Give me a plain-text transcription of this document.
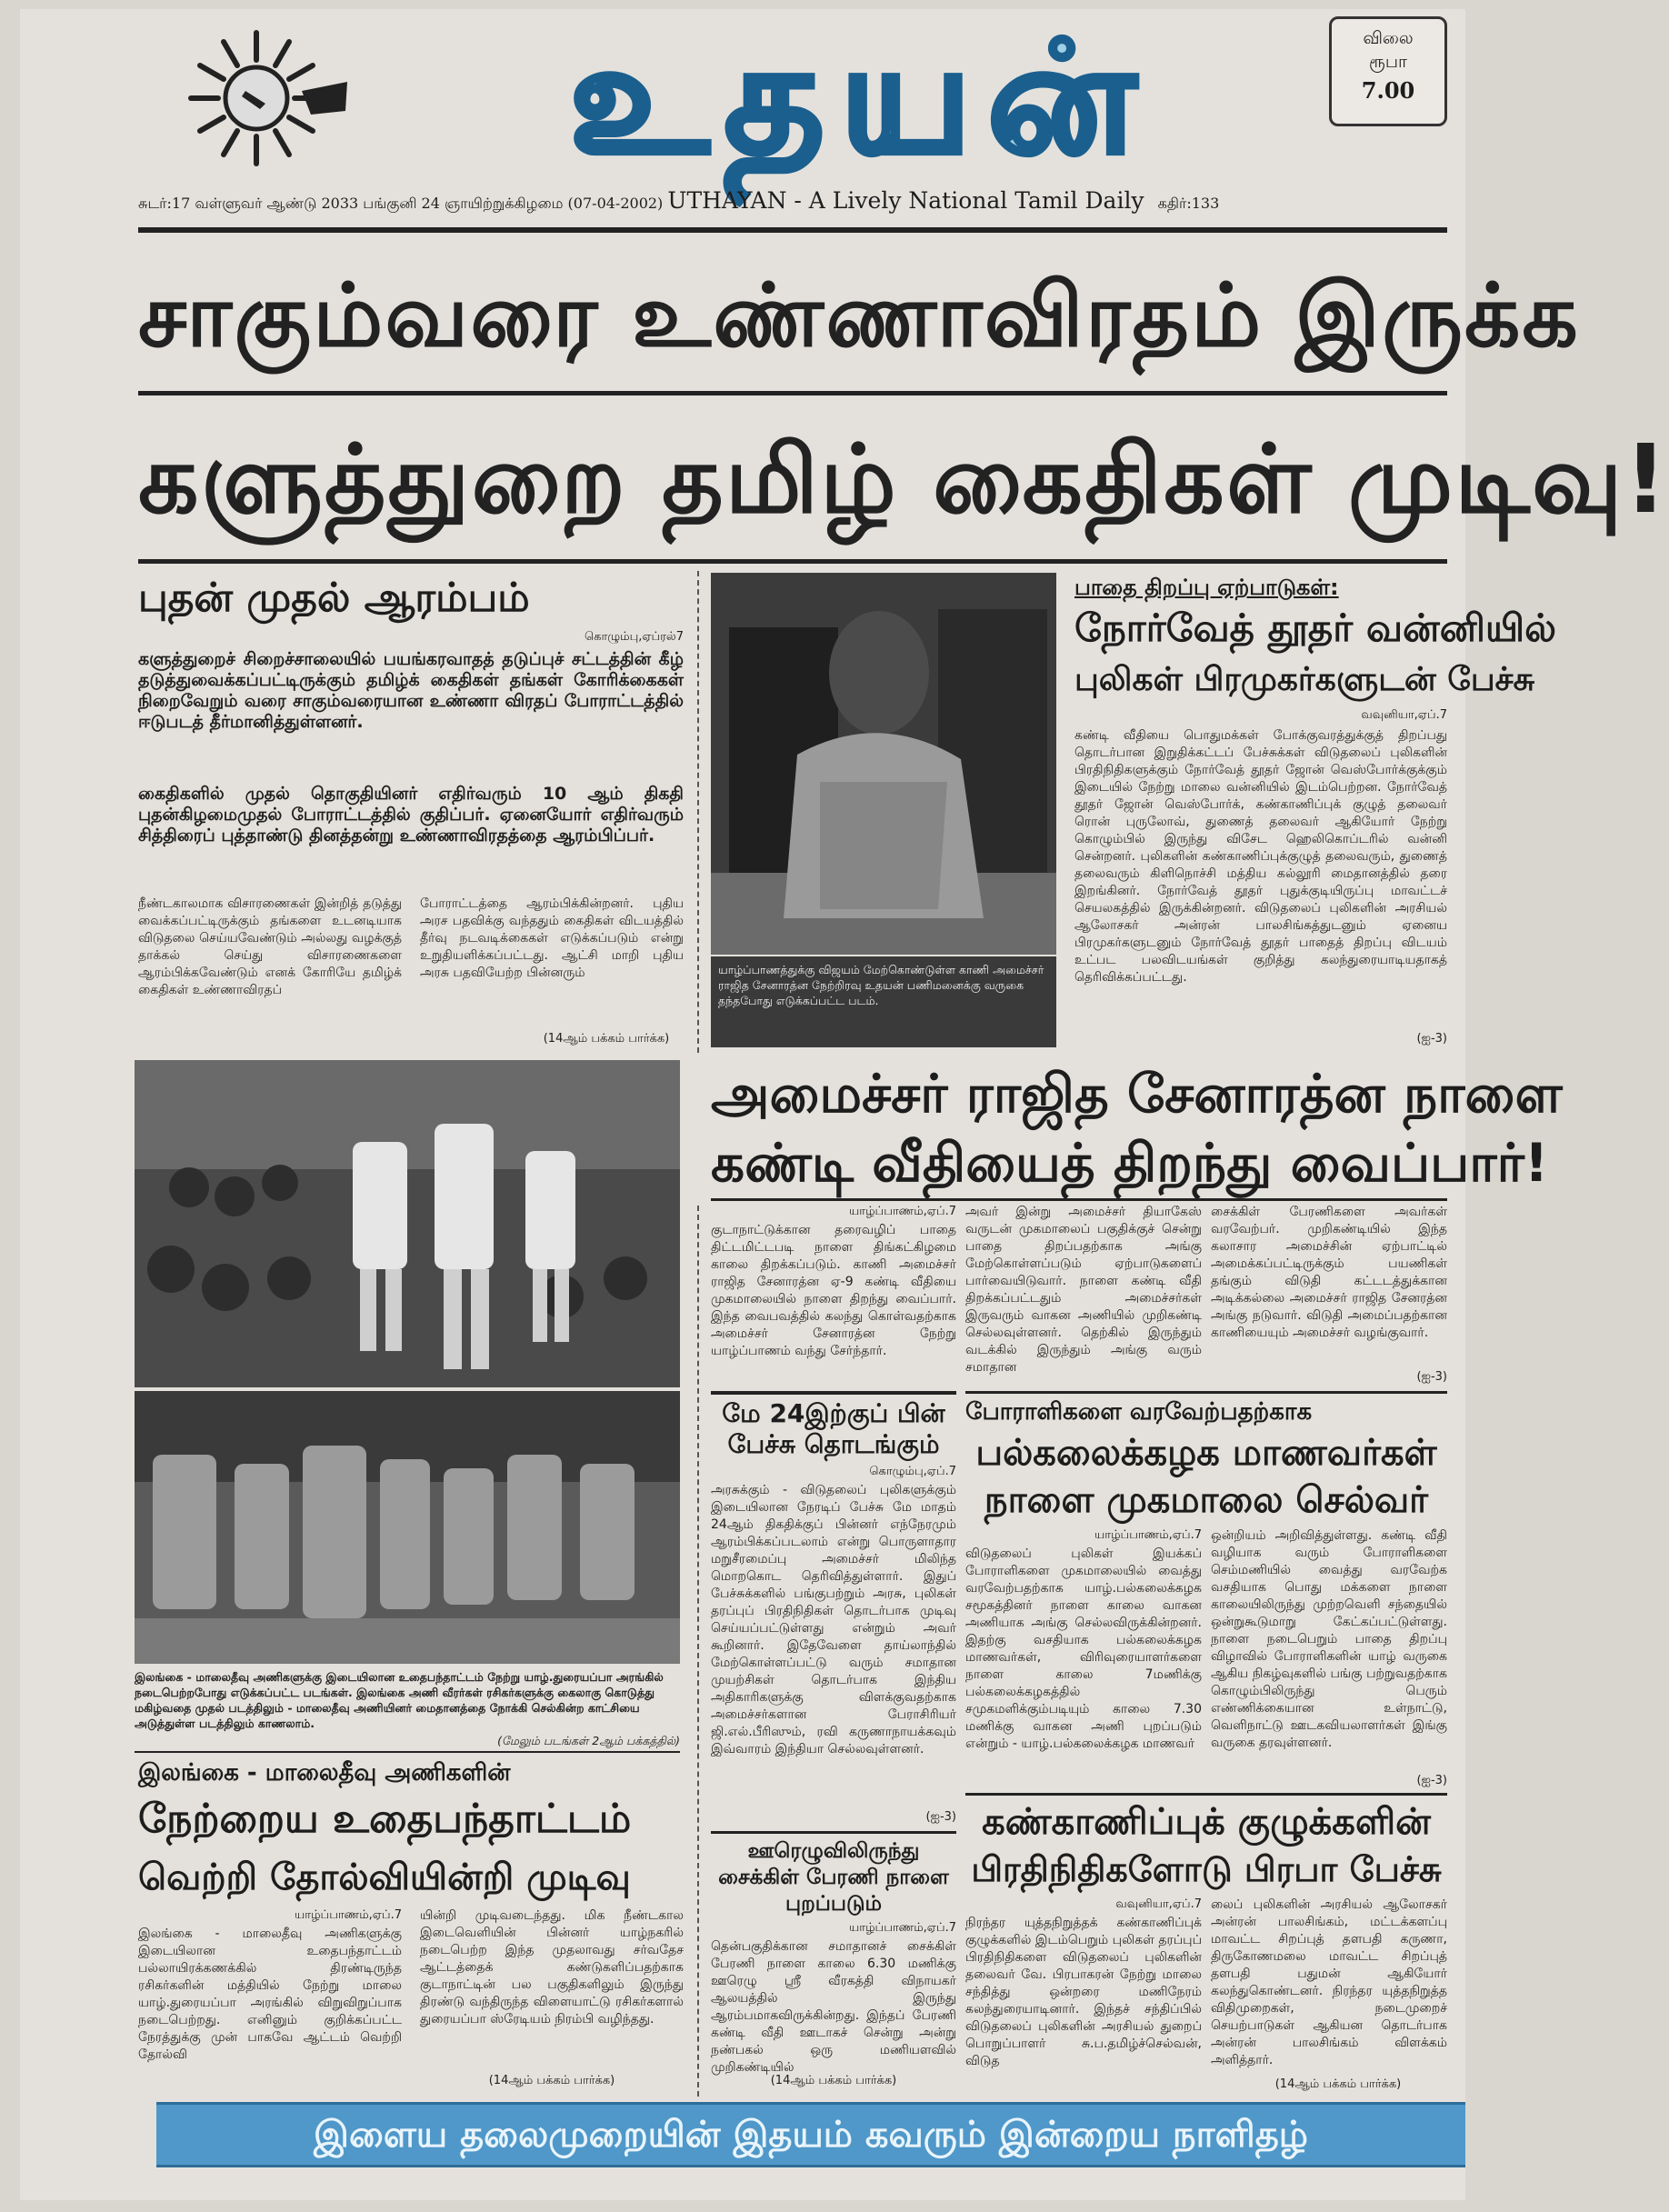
உதயன்	விலை
ரூபா
7.00
சுடர்:17 வள்ளுவர் ஆண்டு 2033 பங்குனி 24 ஞாயிற்றுக்கிழமை (07-04-2002) UTHAYAN - A Lively National Tamil Daily கதிர்:133
சாகும்வரை உண்ணாவிரதம் இருக்க
களுத்துறை தமிழ் கைதிகள் முடிவு!
புதன் முதல் ஆரம்பம்
கொழும்பு,ஏப்ரல்7
களுத்துறைச் சிறைச்சாலையில் பயங்கரவாதத் தடுப்புச் சட்டத்தின் கீழ் தடுத்துவைக்கப்பட்டிருக்கும் தமிழ்க் கைதிகள் தங்கள் கோரிக்கைகள் நிறைவேறும் வரை சாகும்வரையான உண்ணா விரதப் போராட்டத்தில் ஈடுபடத் தீர்மானித்துள்ளனர்.
கைதிகளில் முதல் தொகுதியினர் எதிர்வரும் 10 ஆம் திகதி புதன்கிழமைமுதல் போராட்டத்தில் குதிப்பர். ஏனையோர் எதிர்வரும் சித்திரைப் புத்தாண்டு தினத்தன்று உண்ணாவிரதத்தை ஆரம்பிப்பர்.
நீண்டகாலமாக விசாரணைகள் இன்றித் தடுத்து வைக்கப்பட்டிருக்கும் தங்களை உடனடியாக விடுதலை செய்யவேண்டும் அல்லது வழக்குத் தாக்கல் செய்து விசாரணைகளை ஆரம்பிக்கவேண்டும் எனக் கோரியே தமிழ்க் கைதிகள் உண்ணாவிரதப்
போராட்டத்தை ஆரம்பிக்கின்றனர். புதிய அரச பதவிக்கு வந்ததும் கைதிகள் விடயத்தில் தீர்வு நடவடிக்கைகள் எடுக்கப்படும் என்று உறுதியளிக்கப்பட்டது. ஆட்சி மாறி புதிய அரசு பதவியேற்ற பின்னரும்
(14ஆம் பக்கம் பார்க்க)
யாழ்ப்பாணத்துக்கு விஜயம் மேற்கொண்டுள்ள காணி அமைச்சர் ராஜித சேனாரத்ன நேற்றிரவு உதயன் பணிமனைக்கு வருகை தந்தபோது எடுக்கப்பட்ட படம்.
பாதை திறப்பு ஏற்பாடுகள்:
நோர்வேத் தூதர் வன்னியில்
புலிகள் பிரமுகர்களுடன் பேச்சு
வவுனியா,ஏப்.7
கண்டி வீதியை பொதுமக்கள் போக்குவரத்துக்குத் திறப்பது தொடர்பான இறுதிக்கட்டப் பேச்சுக்கள் விடுதலைப் புலிகளின் பிரதிநிதிகளுக்கும் நோர்வேத் தூதர் ஜோன் வெஸ்போர்க்குக்கும் இடையில் நேற்று மாலை வன்னியில் இடம்பெற்றன. நோர்வேத் தூதர் ஜோன் வெஸ்போர்க், கண்காணிப்புக் குழுத் தலைவர் ரொன் புருலோவ், துணைத் தலைவர் ஆகியோர் நேற்று கொழும்பில் இருந்து விசேட ஹெலிகொப்டரில் வன்னி சென்றனர். புலிகளின் கண்காணிப்புக்குழுத் தலைவரும், துணைத் தலைவரும் கிளிநொச்சி மத்திய கல்லூரி மைதானத்தில் தரை இறங்கினர். நோர்வேத் தூதர் புதுக்குடியிருப்பு மாவட்டச் செயலகத்தில் இருக்கின்றனர். விடுதலைப் புலிகளின் அரசியல் ஆலோசகர் அன்ரன் பாலசிங்கத்துடனும் ஏனைய பிரமுகர்களுடனும் நோர்வேத் தூதர் பாதைத் திறப்பு விடயம் உட்பட பலவிடயங்கள் குறித்து கலந்துரையாடியதாகத் தெரிவிக்கப்பட்டது.
(ஐ-3)
அமைச்சர் ராஜித சேனாரத்ன நாளை
கண்டி வீதியைத் திறந்து வைப்பார்!
யாழ்ப்பாணம்,ஏப்.7
குடாநாட்டுக்கான தரைவழிப் பாதை திட்டமிட்டபடி நாளை திங்கட்கிழமை காலை திறக்கப்படும். காணி அமைச்சர் ராஜித சேனாரத்ன ஏ-9 கண்டி வீதியை முகமாலையில் நாளை திறந்து வைப்பார். இந்த வைபவத்தில் கலந்து கொள்வதற்காக அமைச்சர் சேனாரத்ன நேற்று யாழ்ப்பாணம் வந்து சேர்ந்தார்.
அவர் இன்று அமைச்சர் தியாகேஸ் வருடன் முகமாலைப் பகுதிக்குச் சென்று பாதை திறப்பதற்காக அங்கு மேற்கொள்ளப்படும் ஏற்பாடுகளைப் பார்வையிடுவார். நாளை கண்டி வீதி திறக்கப்பட்டதும் அமைச்சர்கள் இருவரும் வாகன அணியில் முறிகண்டி செல்லவுள்ளனர். தெற்கில் இருந்தும் வடக்கில் இருந்தும் அங்கு வரும் சமாதான
சைக்கிள் பேரணிகளை அவர்கள் வரவேற்பர். முறிகண்டியில் இந்த கலாசார அமைச்சின் ஏற்பாட்டில் அமைக்கப்பட்டிருக்கும் பயணிகள் தங்கும் விடுதி கட்டடத்துக்கான அடிக்கல்லை அமைச்சர் ராஜித சேனரத்ன அங்கு நடுவார். விடுதி அமைப்பதற்கான காணியையும் அமைச்சர் வழங்குவார்.
(ஐ-3)
இலங்கை - மாலைதீவு அணிகளுக்கு இடையிலான உதைபந்தாட்டம் நேற்று யாழ்.துரையப்பா அரங்கில் நடைபெற்றபோது எடுக்கப்பட்ட படங்கள். இலங்கை அணி வீரர்கள் ரசிகர்களுக்கு கைலாகு கொடுத்து மகிழ்வதை முதல் படத்திலும் - மாலைதீவு அணியினர் மைதானத்தை நோக்கி செல்கின்ற காட்சியை அடுத்துள்ள படத்திலும் காணலாம்.
(மேலும் படங்கள் 2ஆம் பக்கத்தில்)
இலங்கை - மாலைதீவு அணிகளின்
நேற்றைய உதைபந்தாட்டம்
வெற்றி தோல்வியின்றி முடிவு
யாழ்ப்பாணம்,ஏப்.7
இலங்கை - மாலைதீவு அணிகளுக்கு இடையிலான உதைபந்தாட்டம் பல்லாயிரக்கணக்கில் திரண்டிருந்த ரசிகர்களின் மத்தியில் நேற்று மாலை யாழ்.துரையப்பா அரங்கில் விறுவிறுப்பாக நடைபெற்றது. எனினும் குறிக்கப்பட்ட நேரத்துக்கு முன் பாகவே ஆட்டம் வெற்றி தோல்வி
யின்றி முடிவடைந்தது. மிக நீண்டகால இடைவெளியின் பின்னர் யாழ்நகரில் நடைபெற்ற இந்த முதலாவது சர்வதேச ஆட்டத்தைக் கண்டுகளிப்பதற்காக குடாநாட்டின் பல பகுதிகளிலும் இருந்து திரண்டு வந்திருந்த விளையாட்டு ரசிகர்களால் துரையப்பா ஸ்ரேடியம் நிரம்பி வழிந்தது.
(14ஆம் பக்கம் பார்க்க)
மே 24இற்குப் பின் பேச்சு தொடங்கும்
கொழும்பு,ஏப்.7
அரசுக்கும் - விடுதலைப் புலிகளுக்கும் இடையிலான நேரடிப் பேச்சு மே மாதம் 24ஆம் திகதிக்குப் பின்னர் எந்நேரமும் ஆரம்பிக்கப்படலாம் என்று பொருளாதார மறுசீரமைப்பு அமைச்சர் மிலிந்த மொறகொட தெரிவித்துள்ளார். இதுப் பேச்சுக்களில் பங்குபற்றும் அரசு, புலிகள் தரப்புப் பிரதிநிதிகள் தொடர்பாக முடிவு செய்யப்பட்டுள்ளது என்றும் அவர் கூறினார். இதேவேளை தாய்லாந்தில் மேற்கொள்ளப்பட்டு வரும் சமாதான முயற்சிகள் தொடர்பாக இந்திய அதிகாரிகளுக்கு விளக்குவதற்காக அமைச்சர்களான பேராசிரியர் ஜி.எல்.பீரிஸும், ரவி கருணாநாயக்கவும் இவ்வாரம் இந்தியா செல்லவுள்ளனர்.
(ஐ-3)
ஊரெழுவிலிருந்து சைக்கிள் பேரணி நாளை புறப்படும்
யாழ்ப்பாணம்,ஏப்.7
தென்பகுதிக்கான சமாதானச் சைக்கிள் பேரணி நாளை காலை 6.30 மணிக்கு ஊரெழு ஸ்ரீ வீரகத்தி விநாயகர் ஆலயத்தில் இருந்து ஆரம்பமாகவிருக்கின்றது. இந்தப் பேரணி கண்டி வீதி ஊடாகச் சென்று அன்று நண்பகல் ஒரு மணியளவில் முறிகண்டியில்
(14ஆம் பக்கம் பார்க்க)
போராளிகளை வரவேற்பதற்காக
பல்கலைக்கழக மாணவர்கள்
நாளை முகமாலை செல்வர்
யாழ்ப்பாணம்,ஏப்.7
விடுதலைப் புலிகள் இயக்கப் போராளிகளை முகமாலையில் வைத்து வரவேற்பதற்காக யாழ்.பல்கலைக்கழக சமூகத்தினர் நாளை காலை வாகன அணியாக அங்கு செல்லவிருக்கின்றனர். இதற்கு வசதியாக பல்கலைக்கழக மாணவர்கள், விரிவுரையாளர்களை நாளை காலை 7மணிக்கு பல்கலைக்கழகத்தில் சமுகமளிக்கும்படியும் காலை 7.30 மணிக்கு வாகன அணி புறப்படும் என்றும் - யாழ்.பல்கலைக்கழக மாணவர்
ஒன்றியம் அறிவித்துள்ளது. கண்டி வீதி வழியாக வரும் போராளிகளை செம்மணியில் வைத்து வரவேற்க வசதியாக பொது மக்களை நாளை காலையிலிருந்து முற்றவெளி சந்தையில் ஒன்றுகூடுமாறு கேட்கப்பட்டுள்ளது. நாளை நடைபெறும் பாதை திறப்பு விழாவில் போராளிகளின் யாழ் வருகை ஆகிய நிகழ்வுகளில் பங்கு பற்றுவதற்காக கொழும்பிலிருந்து பெரும் எண்ணிக்கையான உள்நாட்டு, வெளிநாட்டு ஊடகவியலாளர்கள் இங்கு வருகை தரவுள்ளனர்.
(ஐ-3)
கண்காணிப்புக் குழுக்களின்
பிரதிநிதிகளோடு பிரபா பேச்சு
வவுனியா,ஏப்.7
நிரந்தர யுத்தநிறுத்தக் கண்காணிப்புக் குழுக்களில் இடம்பெறும் புலிகள் தரப்புப் பிரதிநிதிகளை விடுதலைப் புலிகளின் தலைவர் வே. பிரபாகரன் நேற்று மாலை சந்தித்து ஒன்றரை மணிநேரம் கலந்துரையாடினார். இந்தச் சந்திப்பில் விடுதலைப் புலிகளின் அரசியல் துறைப் பொறுப்பாளர் சு.ப.தமிழ்ச்செல்வன், விடுத
லைப் புலிகளின் அரசியல் ஆலோசகர் அன்ரன் பாலசிங்கம், மட்டக்களப்பு மாவட்ட சிறப்புத் தளபதி கருணா, திருகோணமலை மாவட்ட சிறப்புத் தளபதி பதுமன் ஆகியோர் கலந்துகொண்டனர். நிரந்தர யுத்தநிறுத்த விதிமுறைகள், நடைமுறைச் செயற்பாடுகள் ஆகியன தொடர்பாக அன்ரன் பாலசிங்கம் விளக்கம் அளித்தார்.
(14ஆம் பக்கம் பார்க்க)
இளைய தலைமுறையின் இதயம் கவரும் இன்றைய நாளிதழ்
